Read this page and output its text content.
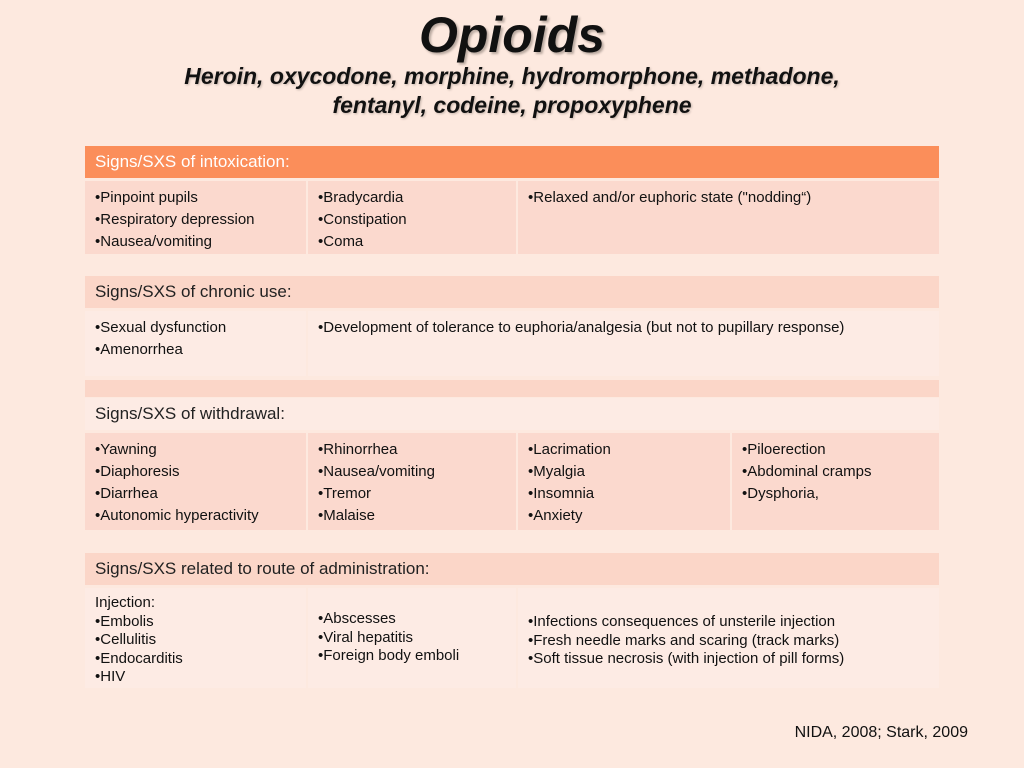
Opioids
Heroin, oxycodone, morphine, hydromorphone, methadone,
fentanyl, codeine, propoxyphene
Signs/SXS of intoxication:
• Pinpoint pupils
• Respiratory depression
• Nausea/vomiting
• Bradycardia
• Constipation
• Coma
• Relaxed and/or euphoric state ("nodding“)
Signs/SXS of chronic use:
• Sexual dysfunction
• Amenorrhea
• Development of tolerance to euphoria/analgesia (but not to pupillary response)
Signs/SXS of withdrawal:
• Yawning
• Diaphoresis
• Diarrhea
• Autonomic hyperactivity
• Rhinorrhea
• Nausea/vomiting
• Tremor
• Malaise
• Lacrimation
• Myalgia
• Insomnia
• Anxiety
• Piloerection
• Abdominal cramps
• Dysphoria,
Signs/SXS related to route of administration:
Injection:
• Embolis
• Cellulitis
• Endocarditis
• HIV
• Abscesses
• Viral hepatitis
• Foreign body emboli
• Infections consequences of unsterile injection
• Fresh needle marks and scaring (track marks)
• Soft tissue necrosis (with injection of pill forms)
NIDA, 2008; Stark, 2009
